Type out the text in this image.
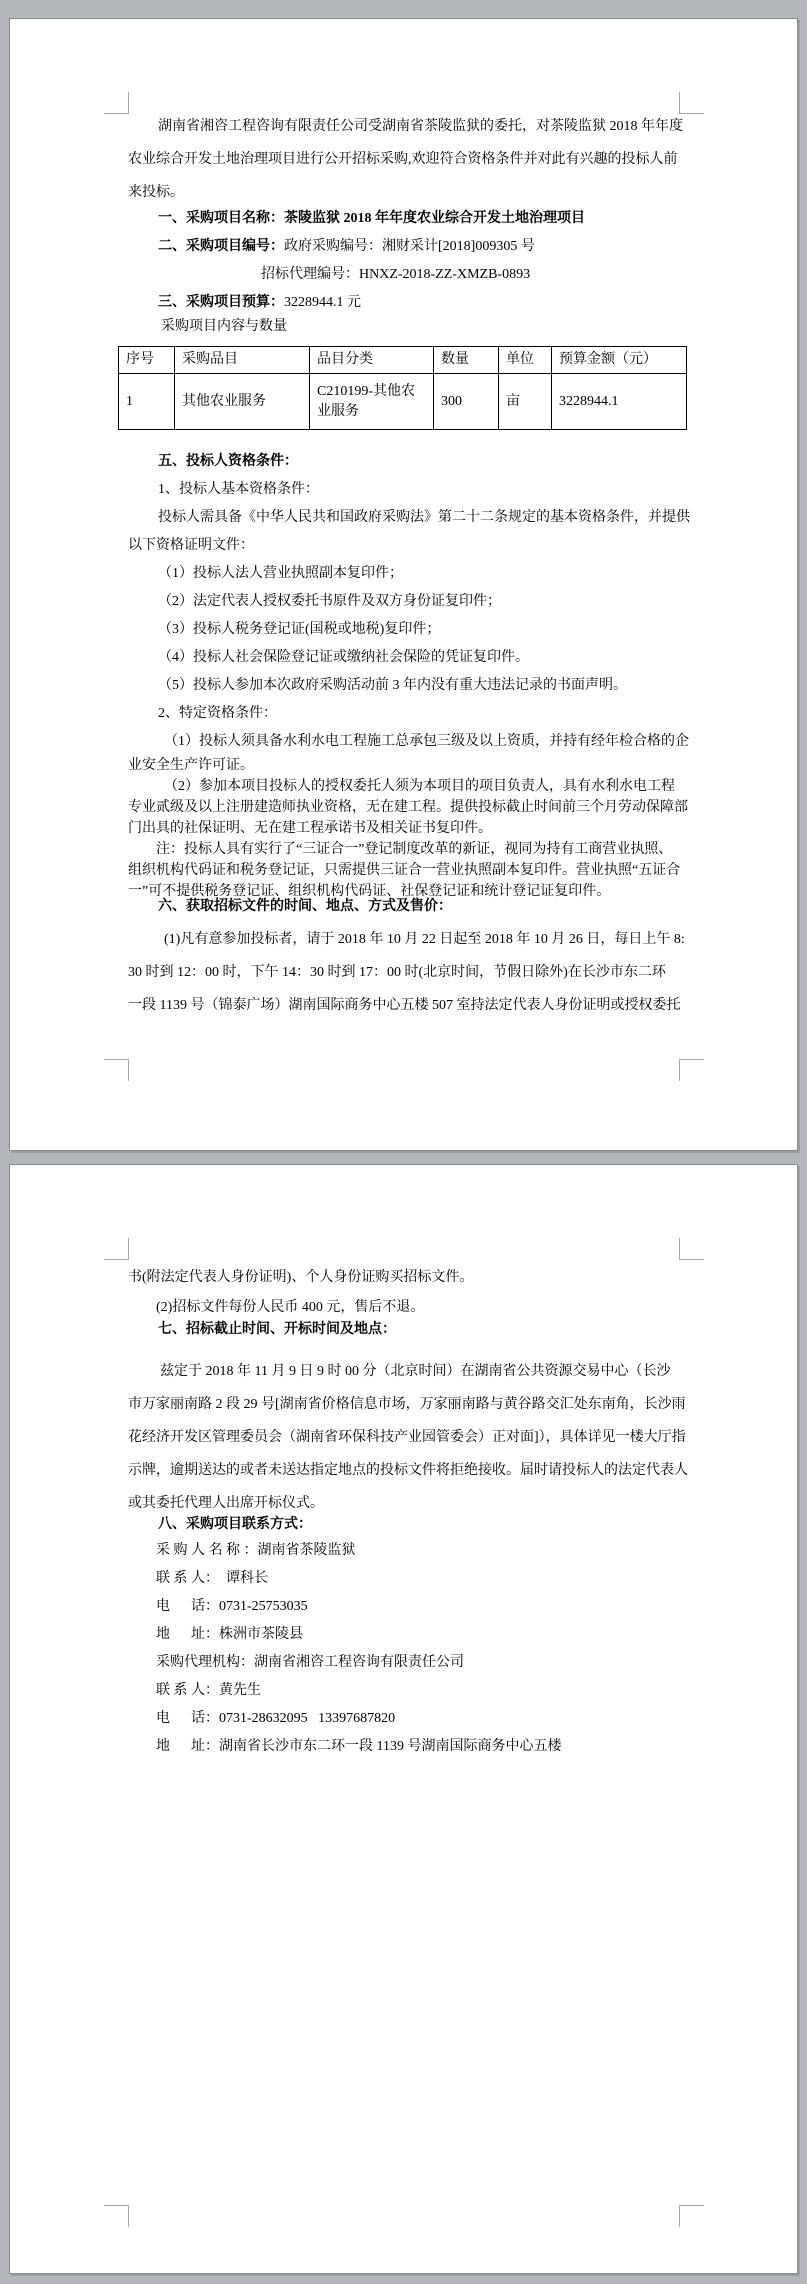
湖南省湘咨工程咨询有限责任公司受湖南省茶陵监狱的委托，对茶陵监狱 2018 年年度
农业综合开发土地治理项目进行公开招标采购,欢迎符合资格条件并对此有兴趣的投标人前
来投标。
一、采购项目名称：茶陵监狱 2018 年年度农业综合开发土地治理项目
二、采购项目编号：政府采购编号：湘财采计[2018]009305 号
招标代理编号：HNXZ-2018-ZZ-XMZB-0893
三、采购项目预算：3228944.1 元
采购项目内容与数量
五、投标人资格条件：
1、投标人基本资格条件：
投标人需具备《中华人民共和国政府采购法》第二十二条规定的基本资格条件，并提供
以下资格证明文件：
（1）投标人法人营业执照副本复印件；
（2）法定代表人授权委托书原件及双方身份证复印件；
（3）投标人税务登记证(国税或地税)复印件；
（4）投标人社会保险登记证或缴纳社会保险的凭证复印件。
（5）投标人参加本次政府采购活动前 3 年内没有重大违法记录的书面声明。
2、特定资格条件：
（1）投标人须具备水利水电工程施工总承包三级及以上资质，并持有经年检合格的企
业安全生产许可证。
（2）参加本项目投标人的授权委托人须为本项目的项目负责人，具有水利水电工程
专业贰级及以上注册建造师执业资格，无在建工程。提供投标截止时间前三个月劳动保障部
门出具的社保证明、无在建工程承诺书及相关证书复印件。
注：投标人具有实行了“三证合一”登记制度改革的新证，视同为持有工商营业执照、
组织机构代码证和税务登记证，只需提供三证合一营业执照副本复印件。营业执照“五证合
一”可不提供税务登记证、组织机构代码证、社保登记证和统计登记证复印件。
六、获取招标文件的时间、地点、方式及售价：
(1)凡有意参加投标者，请于 2018 年 10 月 22 日起至 2018 年 10 月 26 日，每日上午 8:
30 时到 12：00 时，下午 14：30 时到 17：00 时(北京时间，节假日除外)在长沙市东二环
一段 1139 号（锦泰广场）湖南国际商务中心五楼 507 室持法定代表人身份证明或授权委托
序号	采购品目	品目分类	数量	单位	预算金额（元）
1	其他农业服务	C210199-其他农业服务	300	亩	3228944.1
书(附法定代表人身份证明)、个人身份证购买招标文件。
(2)招标文件每份人民币 400 元，售后不退。
七、招标截止时间、开标时间及地点：
兹定于 2018 年 11 月 9 日 9 时 00 分（北京时间）在湖南省公共资源交易中心（长沙
市万家丽南路 2 段 29 号[湖南省价格信息市场，万家丽南路与黄谷路交汇处东南角，长沙雨
花经济开发区管理委员会（湖南省环保科技产业园管委会）正对面]），具体详见一楼大厅指
示牌，逾期送达的或者未送达指定地点的投标文件将拒绝接收。届时请投标人的法定代表人
或其委托代理人出席开标仪式。
八、采购项目联系方式：
采 购 人 名 称 ：湖南省茶陵监狱
联 系 人：  谭科长
电      话：0731-25753035
地      址：株洲市茶陵县
采购代理机构：湖南省湘咨工程咨询有限责任公司
联 系 人：黄先生
电      话：0731-28632095   13397687820
地      址：湖南省长沙市东二环一段 1139 号湖南国际商务中心五楼
